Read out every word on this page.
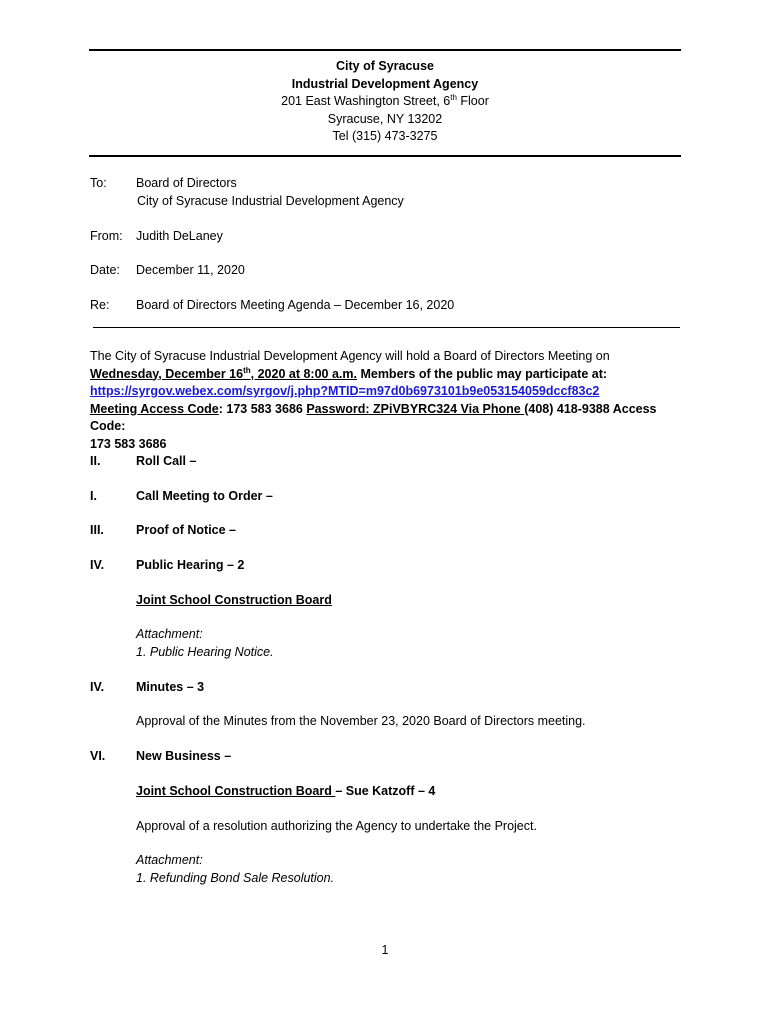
City of Syracuse
Industrial Development Agency
201 East Washington Street, 6th Floor
Syracuse, NY 13202
Tel (315) 473-3275
To: Board of Directors
City of Syracuse Industrial Development Agency
From: Judith DeLaney
Date: December 11, 2020
Re: Board of Directors Meeting Agenda – December 16, 2020
The City of Syracuse Industrial Development Agency will hold a Board of Directors Meeting on
Wednesday, December 16th, 2020 at 8:00 a.m. Members of the public may participate at:
https://syrgov.webex.com/syrgov/j.php?MTID=m97d0b6973101b9e053154059dccf83c2
Meeting Access Code: 173 583 3686 Password: ZPiVBYRC324 Via Phone (408) 418-9388 Access Code:
173 583 3686
II.	Roll Call –
I.	Call Meeting to Order –
III.	Proof of Notice –
IV.	Public Hearing – 2
Joint School Construction Board
Attachment:
1. Public Hearing Notice.
IV.	Minutes – 3
Approval of the Minutes from the November 23, 2020 Board of Directors meeting.
VI. New Business –
Joint School Construction Board – Sue Katzoff – 4
Approval of a resolution authorizing the Agency to undertake the Project.
Attachment:
1. Refunding Bond Sale Resolution.
1
